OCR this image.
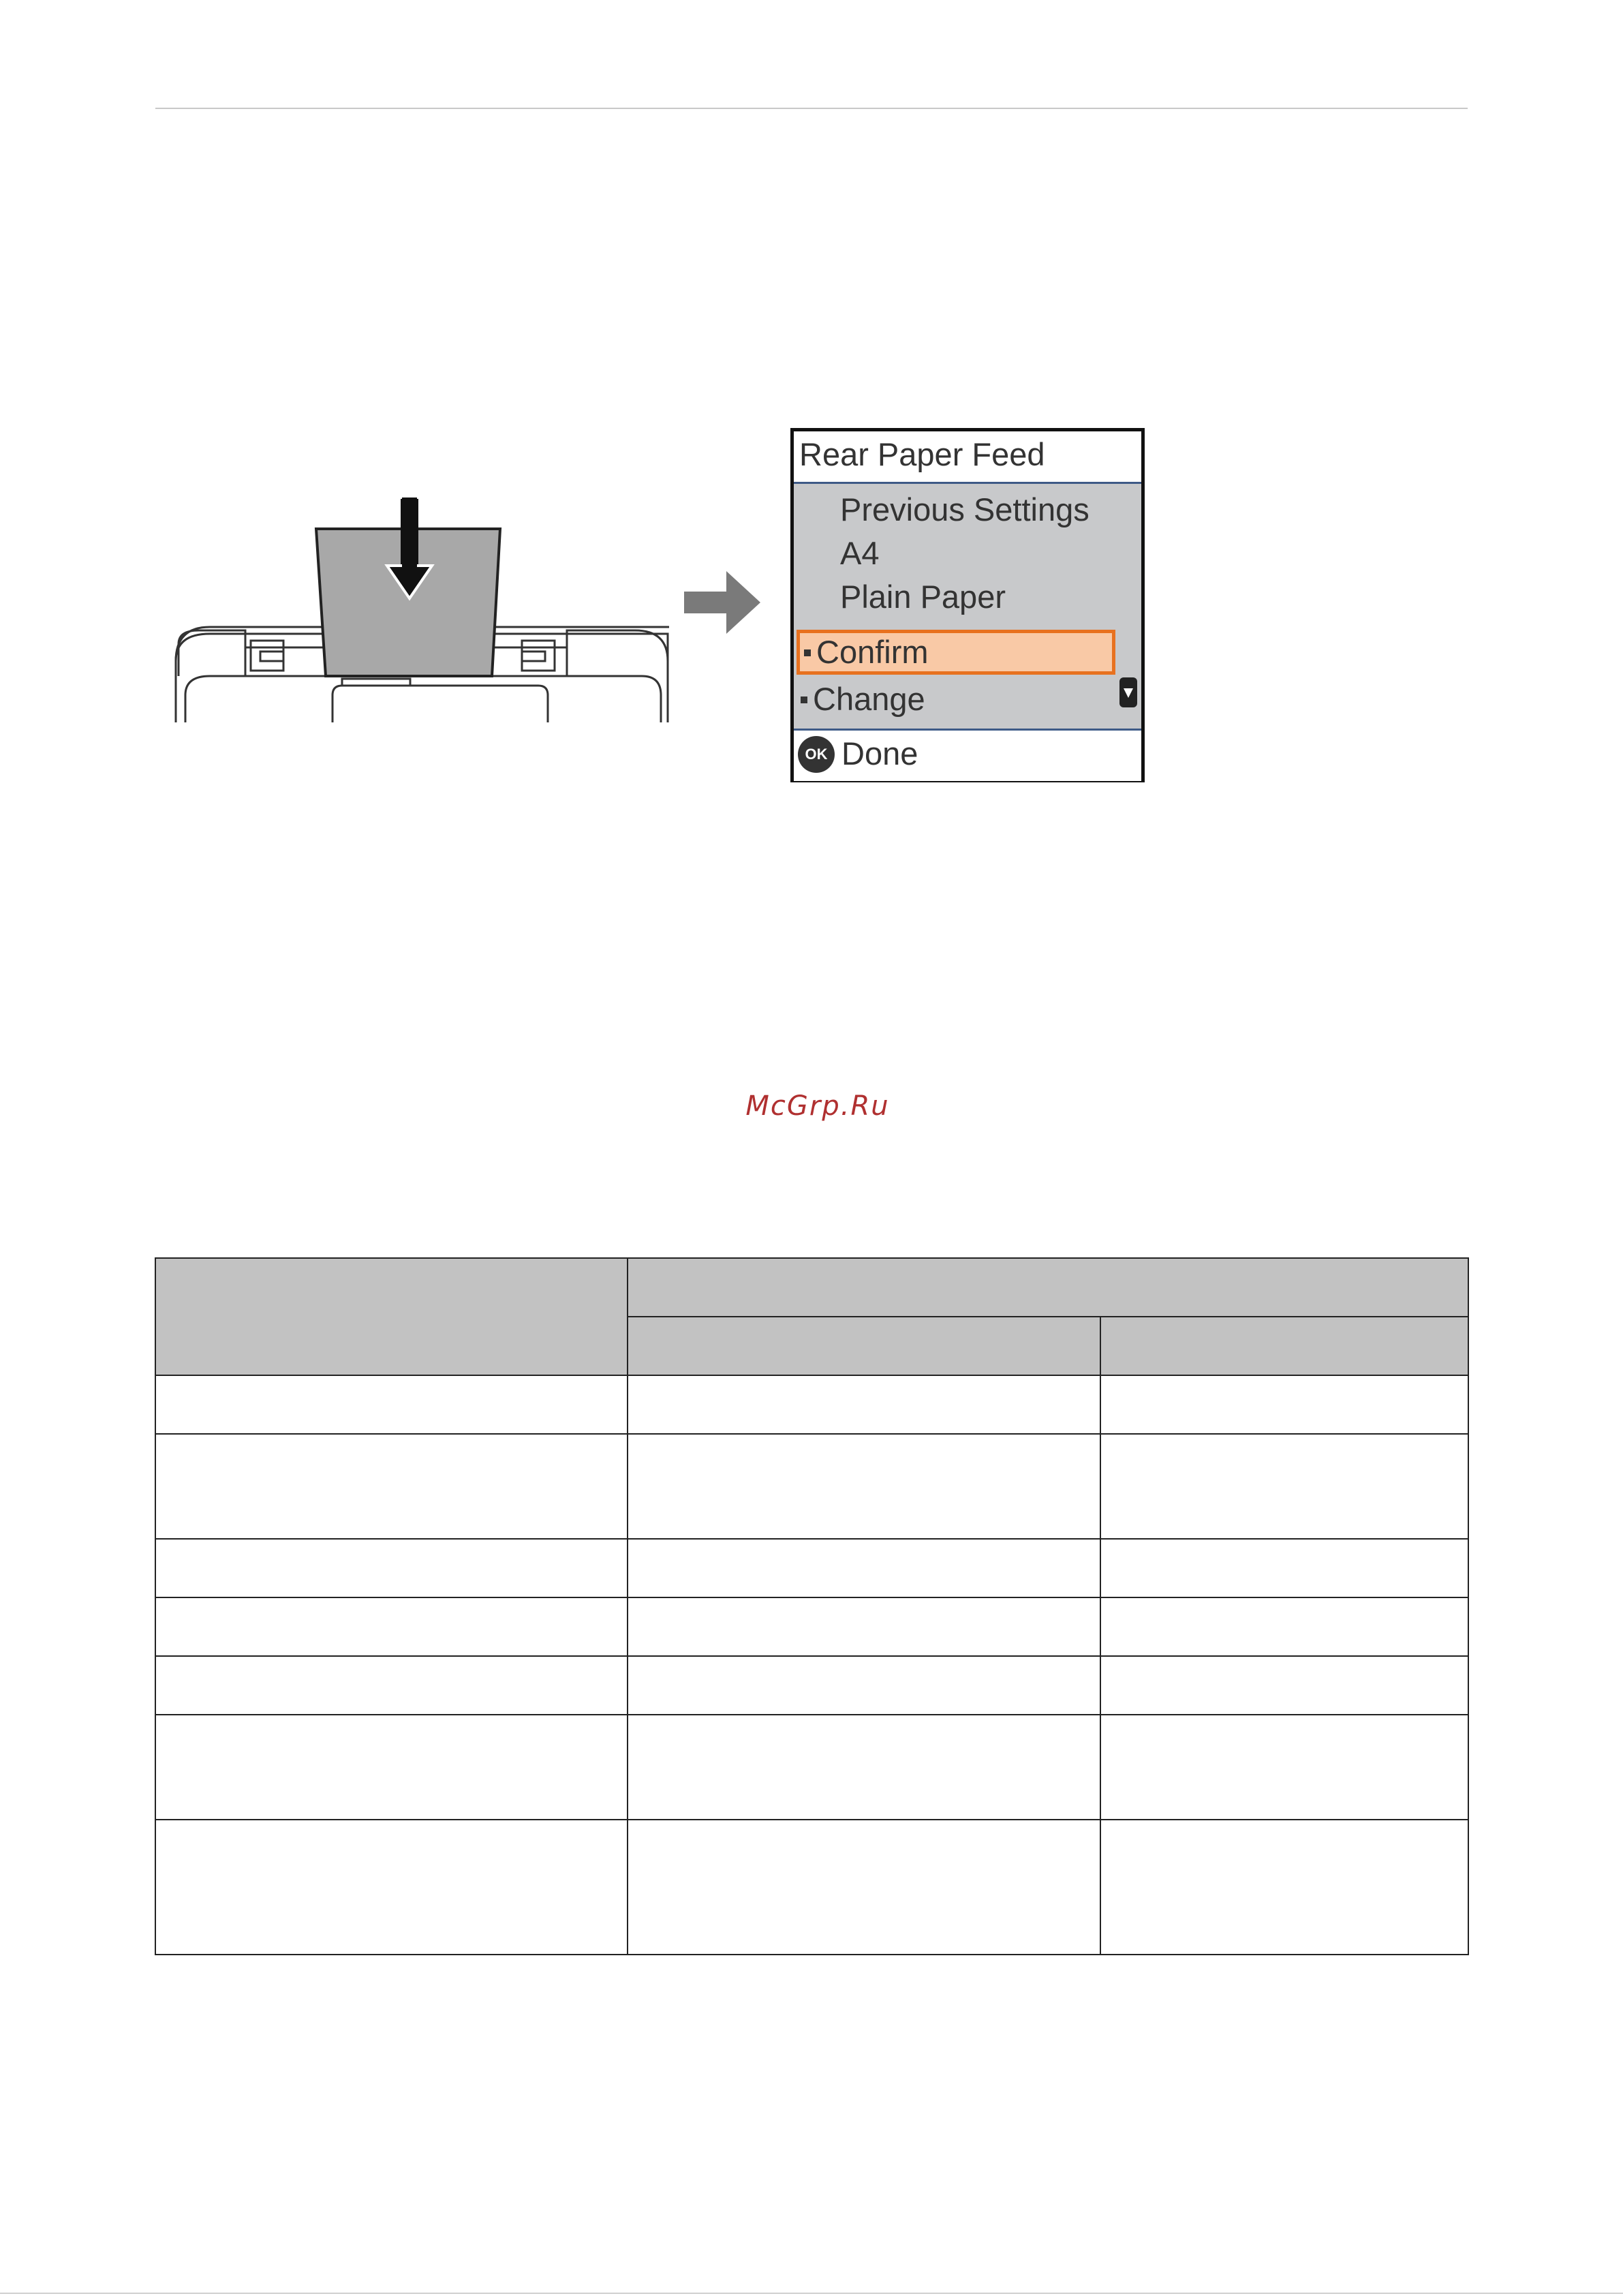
Rear Paper Feed
Previous Settings
A4
Plain Paper
Confirm
Change
OK Done
McGrp.Ru
